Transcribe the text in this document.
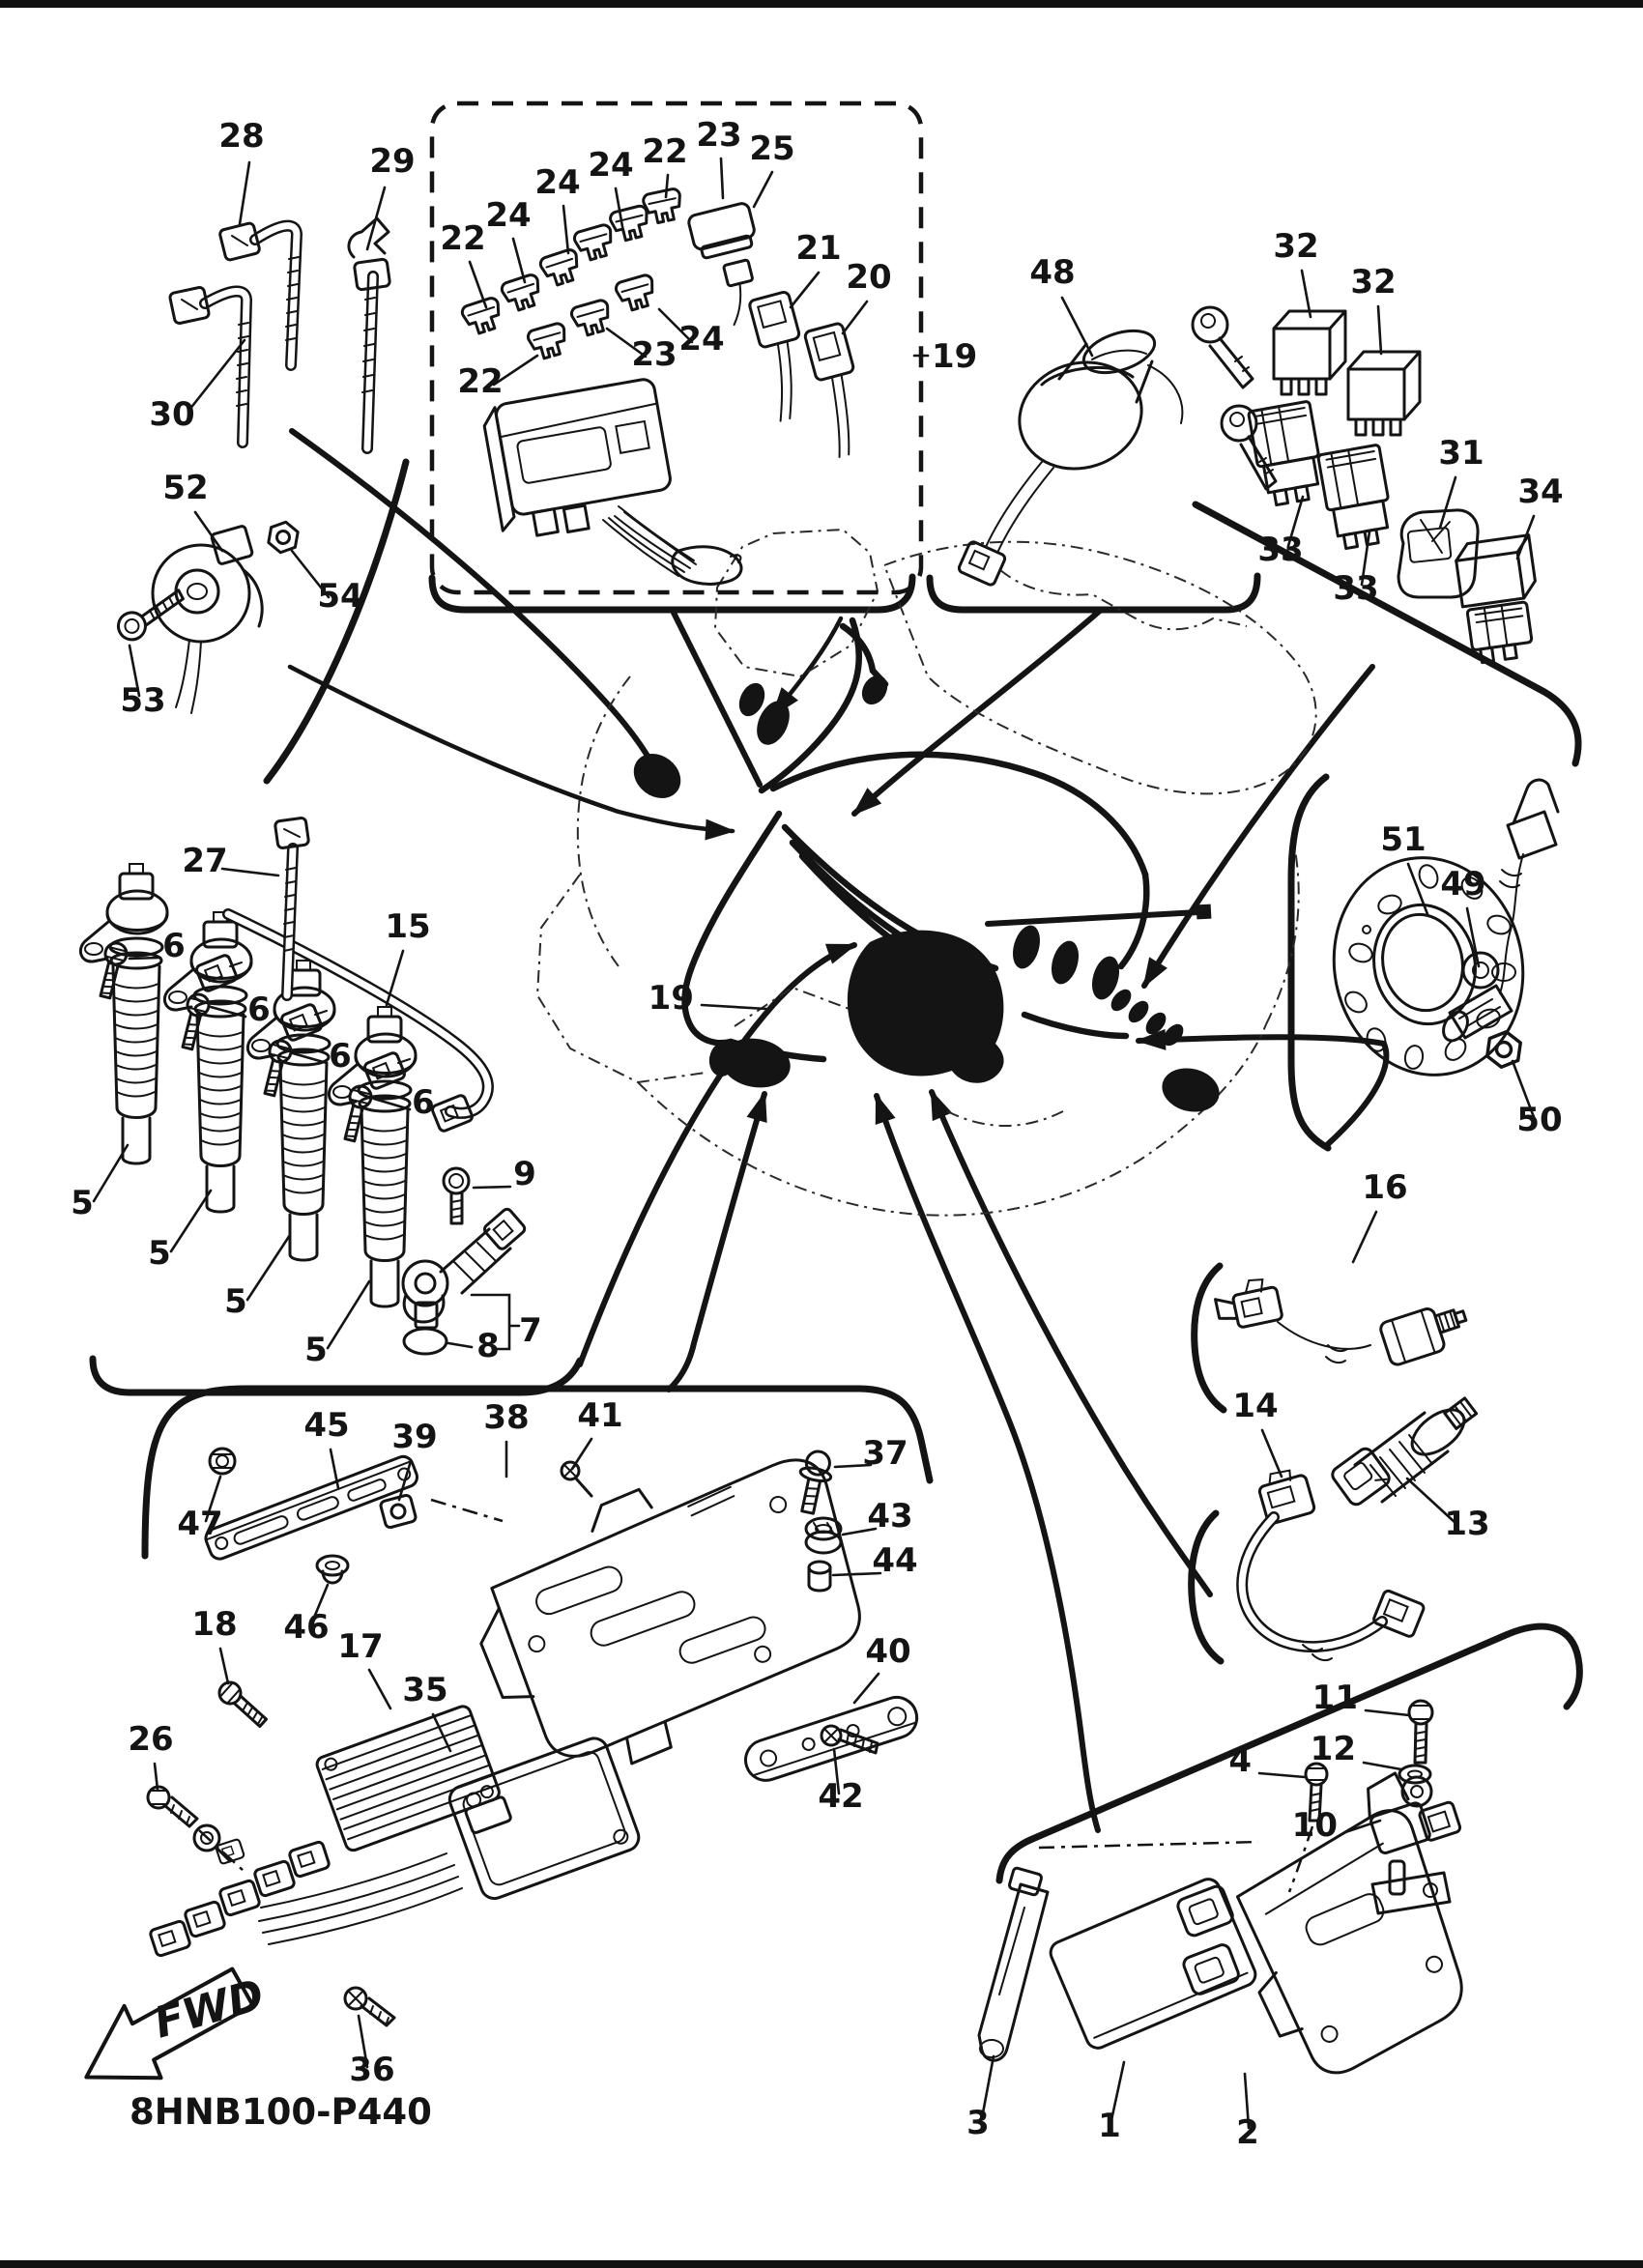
FWD
28
29
30
22
24
24 24 22 23 25
21
20
22
23 24	19
48
32
32
33
33
31
34
52
54
53
27
15
6
6
6
6
5
5
5
5
9
7
8
19
51
49
50
16
14
13
45 39 38 41
47
46
18
17
35
26
37
43
44
40
42
36
11
12
4
10
3	1	2
8HNB100-P440
